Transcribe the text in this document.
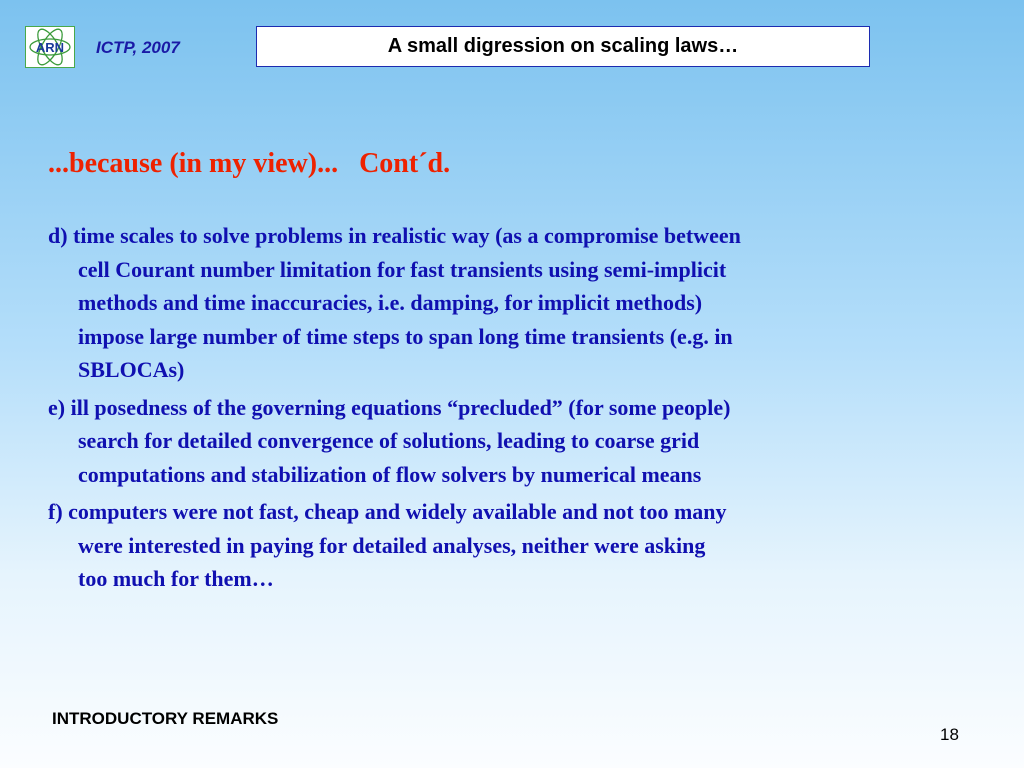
ARN ICTP, 2007	A small digression on scaling laws…
...because (in my view)...   Cont´d.
d) time scales to solve problems in realistic way (as a compromise between
cell Courant number limitation for fast transients using semi-implicit
methods and time inaccuracies, i.e. damping, for implicit methods)
impose large number of time steps to span long time transients (e.g. in
SBLOCAs)
e) ill posedness of the governing equations “precluded” (for some people)
search for detailed convergence of solutions, leading to coarse grid
computations and stabilization of flow solvers by numerical means
f) computers were not fast, cheap and widely available and not too many
were interested in paying for detailed analyses, neither were asking
too much for them…
INTRODUCTORY REMARKS
18
